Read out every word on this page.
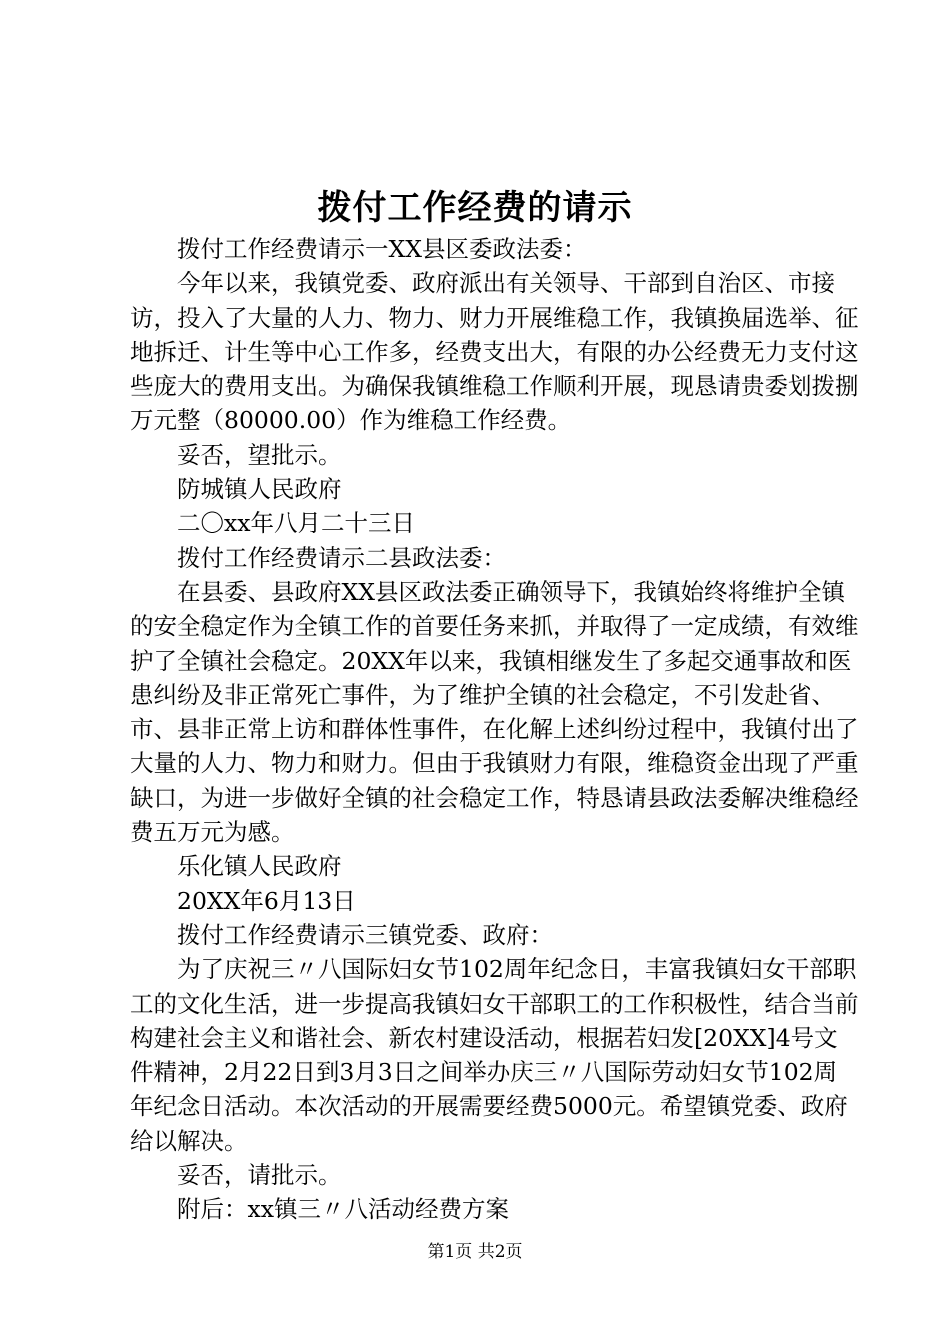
拨付工作经费的请示

拨付工作经费请示一XX县区委政法委：

今年以来，我镇党委、政府派出有关领导、干部到自治区、市接访，投入了大量的人力、物力、财力开展维稳工作，我镇换届选举、征地拆迁、计生等中心工作多，经费支出大，有限的办公经费无力支付这些庞大的费用支出。为确保我镇维稳工作顺利开展，现恳请贵委划拨捌万元整（80000.00）作为维稳工作经费。

妥否，望批示。

防城镇人民政府

二〇xx年八月二十三日

拨付工作经费请示二县政法委：

在县委、县政府XX县区政法委正确领导下，我镇始终将维护全镇的安全稳定作为全镇工作的首要任务来抓，并取得了一定成绩，有效维护了全镇社会稳定。20XX年以来，我镇相继发生了多起交通事故和医患纠纷及非正常死亡事件，为了维护全镇的社会稳定，不引发赴省、市、县非正常上访和群体性事件，在化解上述纠纷过程中，我镇付出了大量的人力、物力和财力。但由于我镇财力有限，维稳资金出现了严重缺口，为进一步做好全镇的社会稳定工作，特恳请县政法委解决维稳经费五万元为感。

乐化镇人民政府

20XX年6月13日

拨付工作经费请示三镇党委、政府：

为了庆祝三〃八国际妇女节102周年纪念日，丰富我镇妇女干部职工的文化生活，进一步提高我镇妇女干部职工的工作积极性，结合当前构建社会主义和谐社会、新农村建设活动，根据若妇发[20XX]4号文件精神，2月22日到3月3日之间举办庆三〃八国际劳动妇女节102周年纪念日活动。本次活动的开展需要经费5000元。希望镇党委、政府给以解决。

妥否，请批示。

附后：xx镇三〃八活动经费方案

第1页 共2页
